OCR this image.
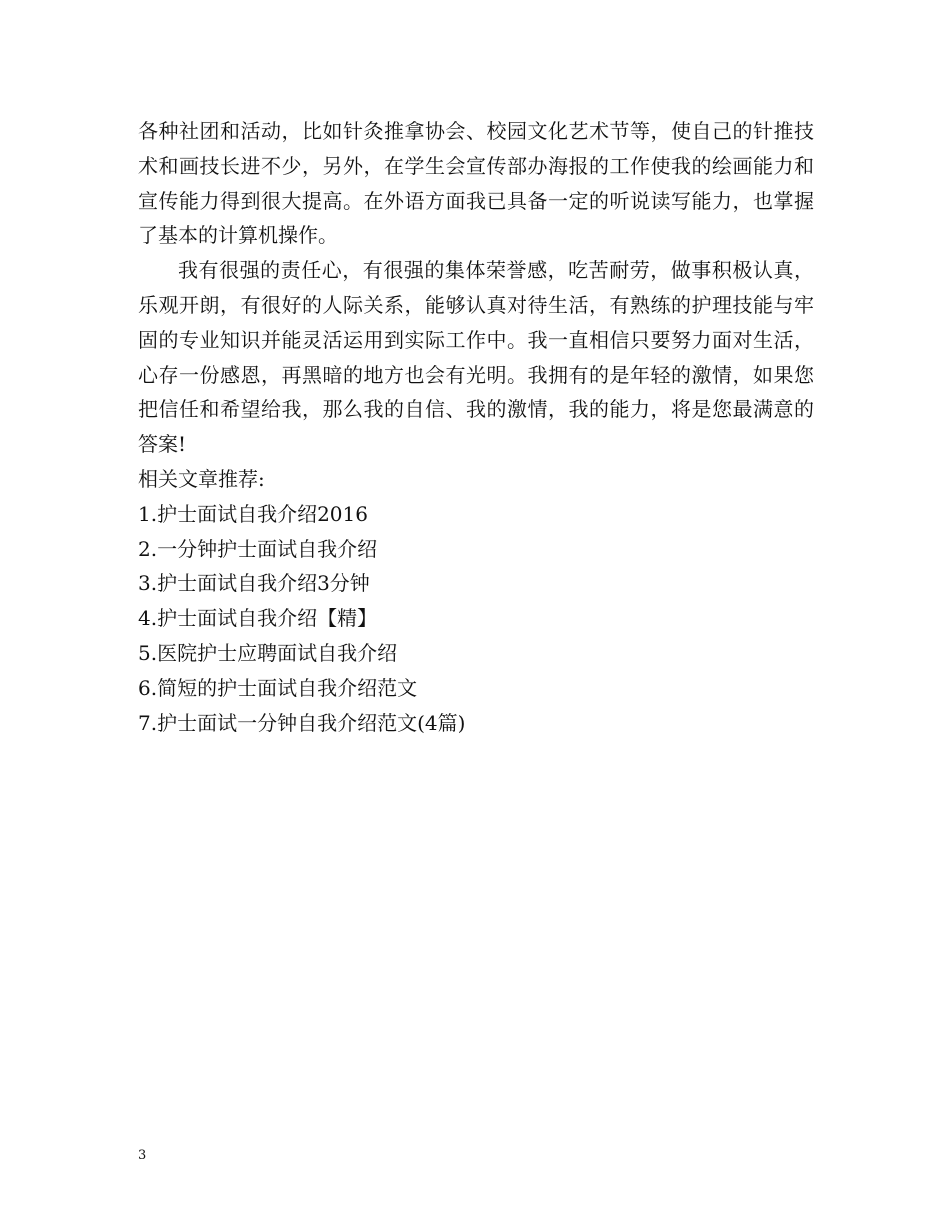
各种社团和活动，比如针灸推拿协会、校园文化艺术节等，使自己的针推技术和画技长进不少，另外，在学生会宣传部办海报的工作使我的绘画能力和宣传能力得到很大提高。在外语方面我已具备一定的听说读写能力，也掌握了基本的计算机操作。

我有很强的责任心，有很强的集体荣誉感，吃苦耐劳，做事积极认真，乐观开朗，有很好的人际关系，能够认真对待生活，有熟练的护理技能与牢固的专业知识并能灵活运用到实际工作中。我一直相信只要努力面对生活，心存一份感恩，再黑暗的地方也会有光明。我拥有的是年轻的激情，如果您把信任和希望给我，那么我的自信、我的激情，我的能力，将是您最满意的答案!

相关文章推荐:
1.护士面试自我介绍2016
2.一分钟护士面试自我介绍
3.护士面试自我介绍3分钟
4.护士面试自我介绍【精】
5.医院护士应聘面试自我介绍
6.简短的护士面试自我介绍范文
7.护士面试一分钟自我介绍范文(4篇)
3
